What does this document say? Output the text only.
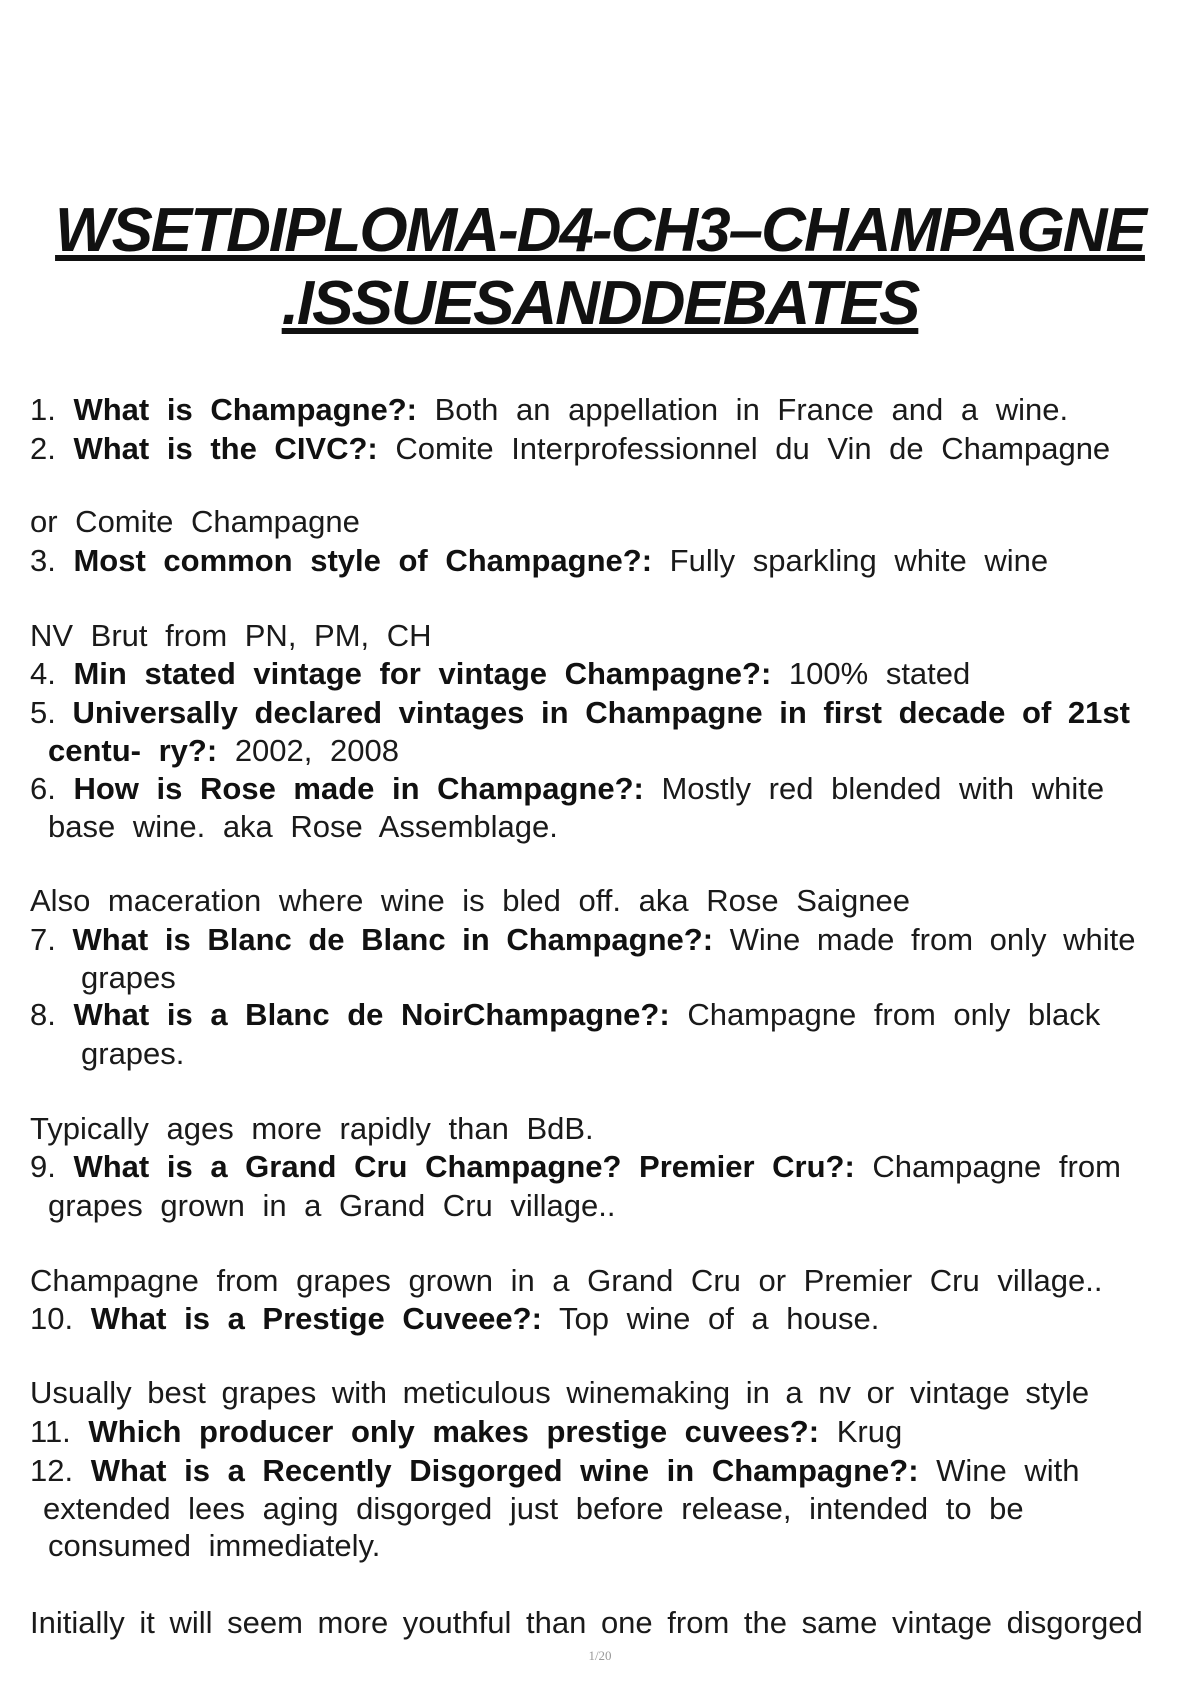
WSETDIPLOMA-D4-CH3–CHAMPAGNE
.ISSUESANDDEBATES
1. What is Champagne?: Both an appellation in France and a wine.
2. What is the CIVC?: Comite Interprofessionnel du Vin de Champagne
or Comite Champagne
3. Most common style of Champagne?: Fully sparkling white wine
NV Brut from PN, PM, CH
4. Min stated vintage for vintage Champagne?: 100% stated
5. Universally declared vintages in Champagne in first decade of 21st
centu- ry?: 2002, 2008
6. How is Rose made in Champagne?: Mostly red blended with white
base wine. aka Rose Assemblage.
Also maceration where wine is bled off. aka Rose Saignee
7. What is Blanc de Blanc in Champagne?: Wine made from only white
grapes
8. What is a Blanc de NoirChampagne?: Champagne from only black
grapes.
Typically ages more rapidly than BdB.
9. What is a Grand Cru Champagne? Premier Cru?: Champagne from
grapes grown in a Grand Cru village..
Champagne from grapes grown in a Grand Cru or Premier Cru village..
10. What is a Prestige Cuveee?: Top wine of a house.
Usually best grapes with meticulous winemaking in a nv or vintage style
11. Which producer only makes prestige cuvees?: Krug
12. What is a Recently Disgorged wine in Champagne?: Wine with
extended lees aging disgorged just before release, intended to be
consumed immediately.
Initially it will seem more youthful than one from the same vintage disgorged
1/20
